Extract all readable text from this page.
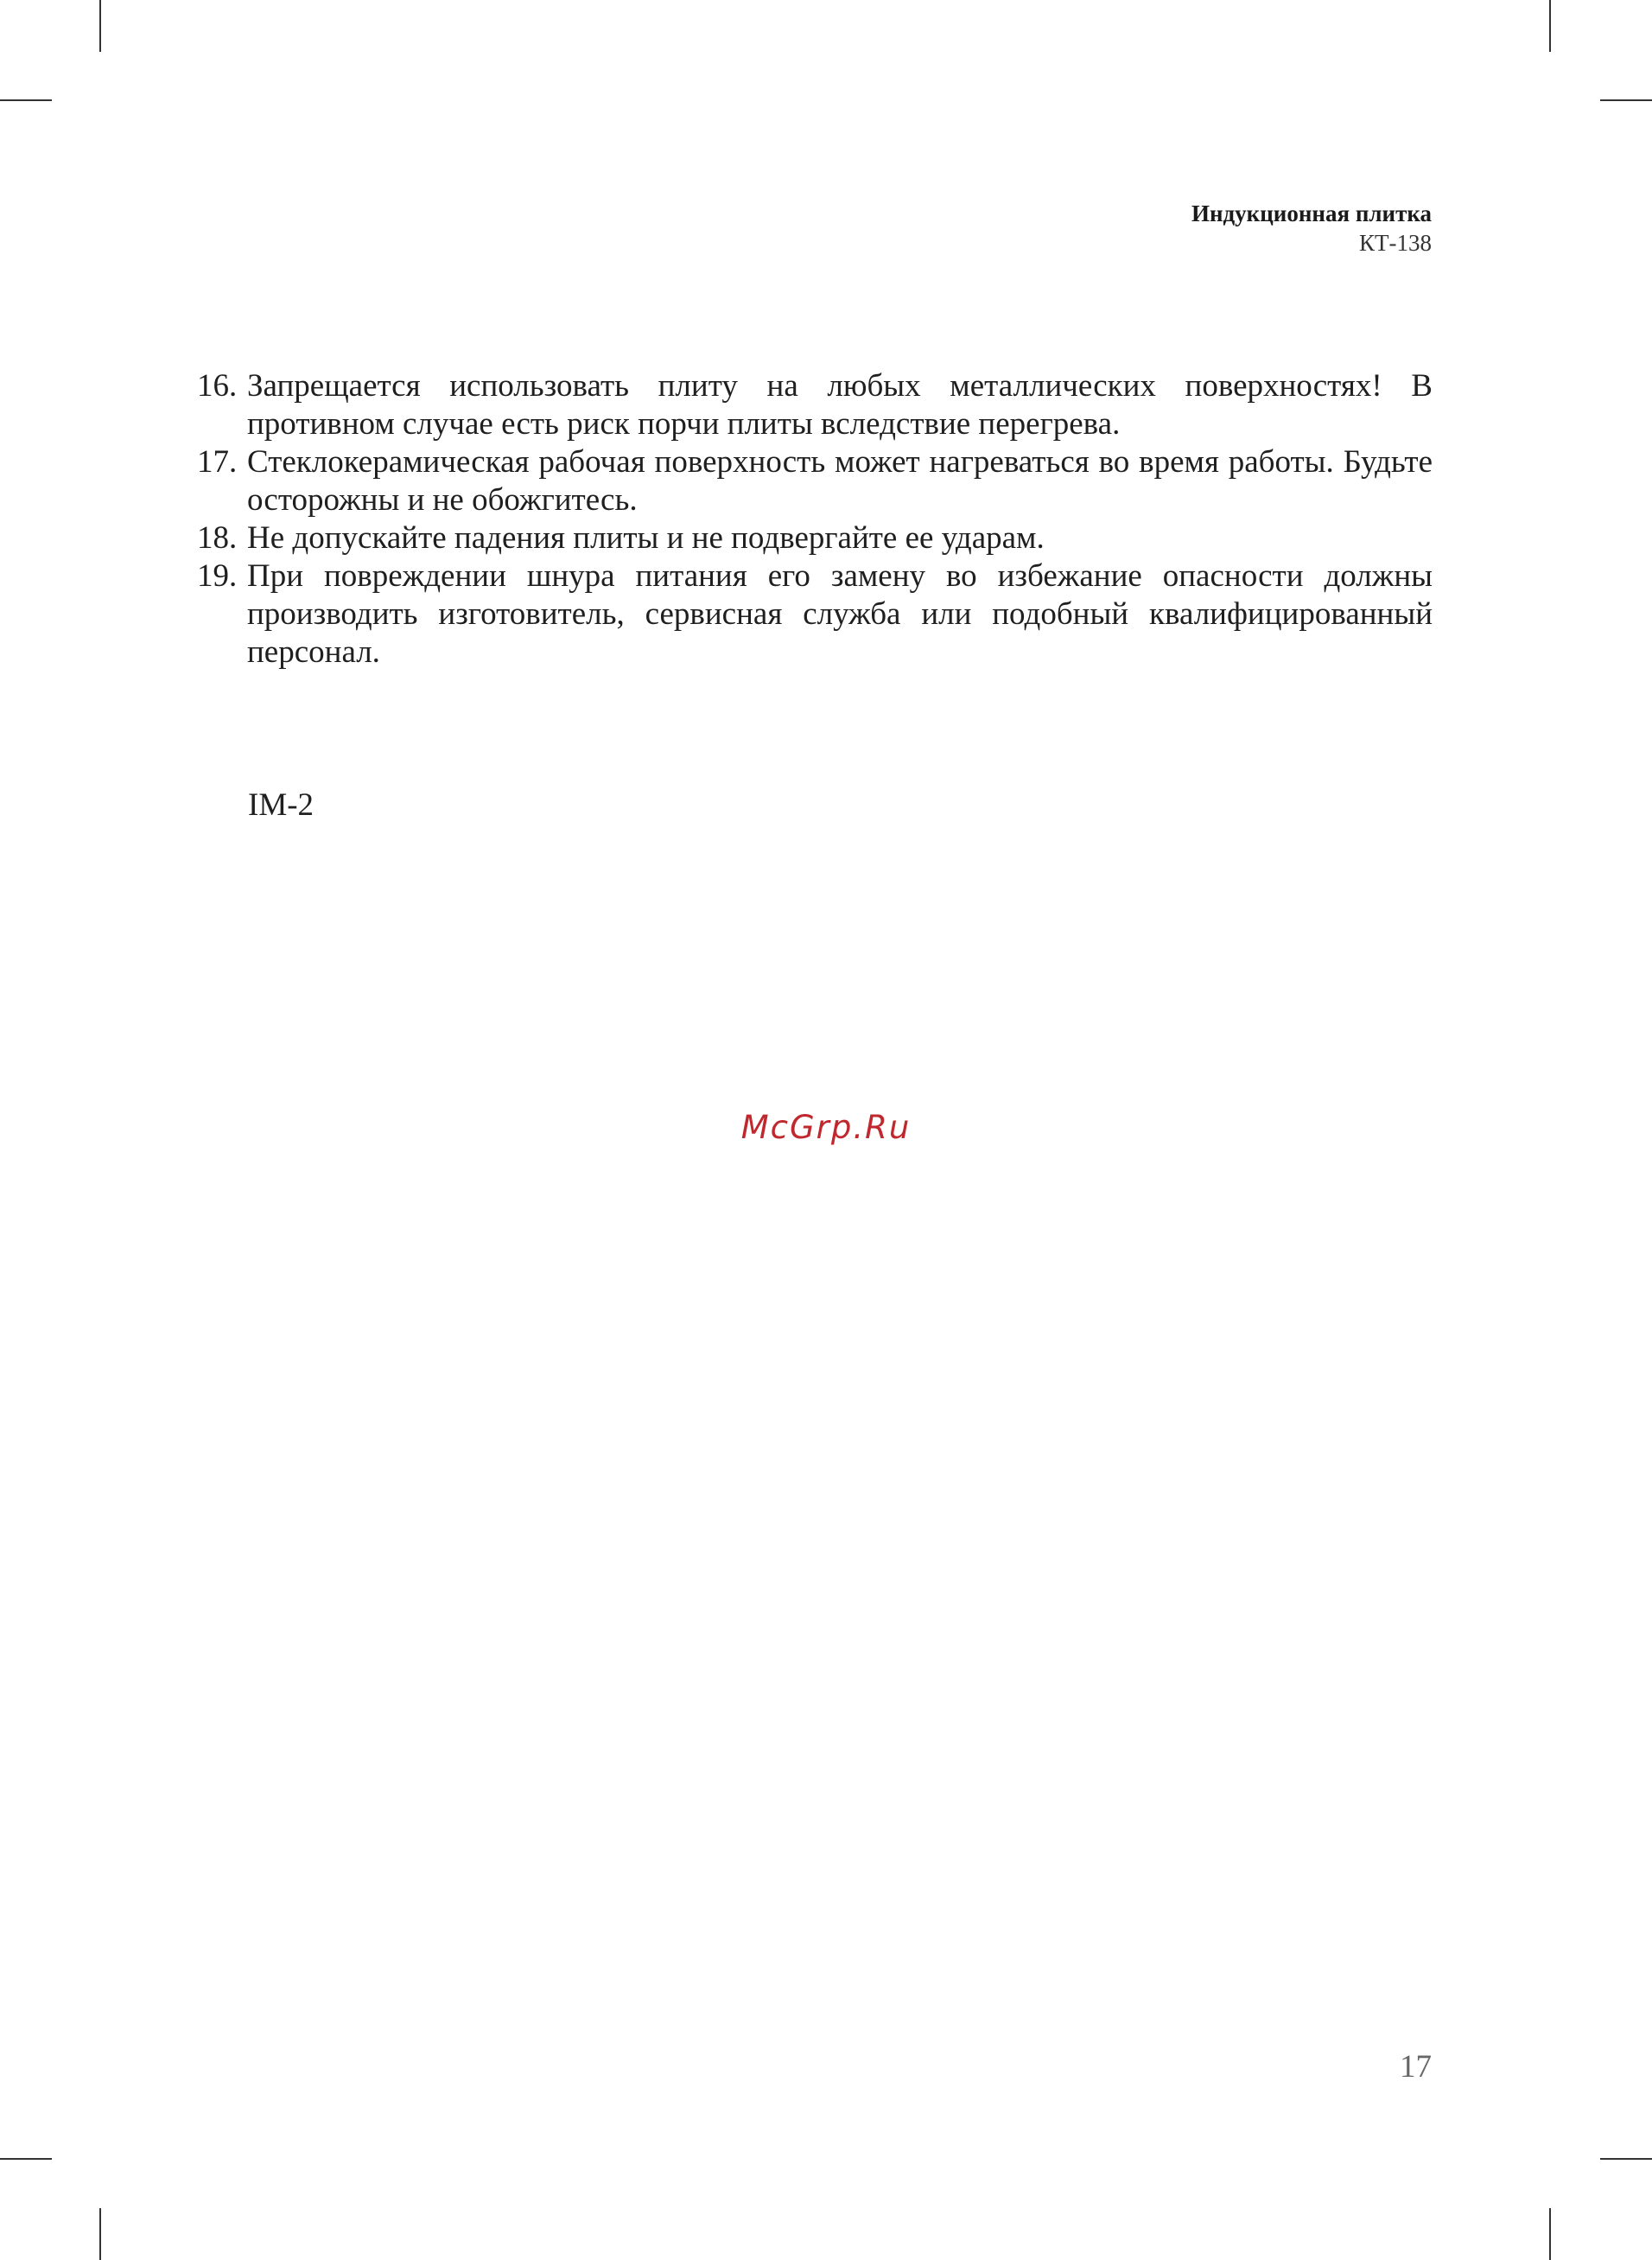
Индукционная плитка
КТ-138
16. Запрещается использовать плиту на любых металлических поверхностях! В противном случае есть риск порчи плиты вследствие перегрева.
17. Стеклокерамическая рабочая поверхность может нагреваться во время работы. Будьте осторожны и не обожгитесь.
18. Не допускайте падения плиты и не подвергайте ее ударам.
19. При повреждении шнура питания его замену во избежание опасности должны производить изготовитель, сервисная служба или подобный квалифицированный персонал.
IM-2
McGrp.Ru
17
